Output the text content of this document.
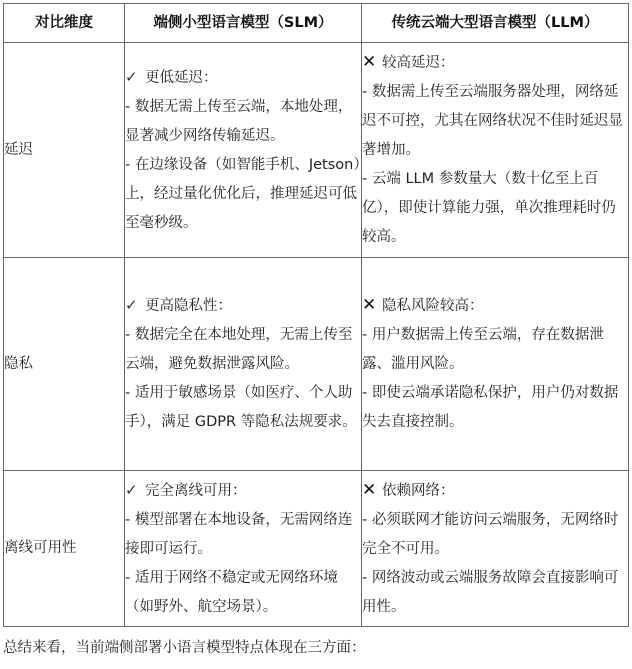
对比维度	端侧小型语言模型（SLM）	传统云端大型语言模型（LLM）
延迟	✓ 更低延迟：
- 数据无需上传至云端，本地处理，显著减少网络传输延迟。
- 在边缘设备（如智能手机、Jetson）上，经过量化优化后，推理延迟可低至毫秒级。	✕ 较高延迟：
- 数据需上传至云端服务器处理，网络延迟不可控，尤其在网络状况不佳时延迟显著增加。
- 云端 LLM 参数量大（数十亿至上百亿），即使计算能力强，单次推理耗时仍较高。

隐私	✓ 更高隐私性：
- 数据完全在本地处理，无需上传至云端，避免数据泄露风险。
- 适用于敏感场景（如医疗、个人助手），满足 GDPR 等隐私法规要求。	✕ 隐私风险较高：
- 用户数据需上传至云端，存在数据泄露、滥用风险。
- 即使云端承诺隐私保护，用户仍对数据失去直接控制。

离线可用性	✓ 完全离线可用：
- 模型部署在本地设备，无需网络连接即可运行。
- 适用于网络不稳定或无网络环境（如野外、航空场景）。	✕ 依赖网络：
- 必须联网才能访问云端服务，无网络时完全不可用。
- 网络波动或云端服务故障会直接影响可用性。
总结来看，当前端侧部署小语言模型特点体现在三方面：
